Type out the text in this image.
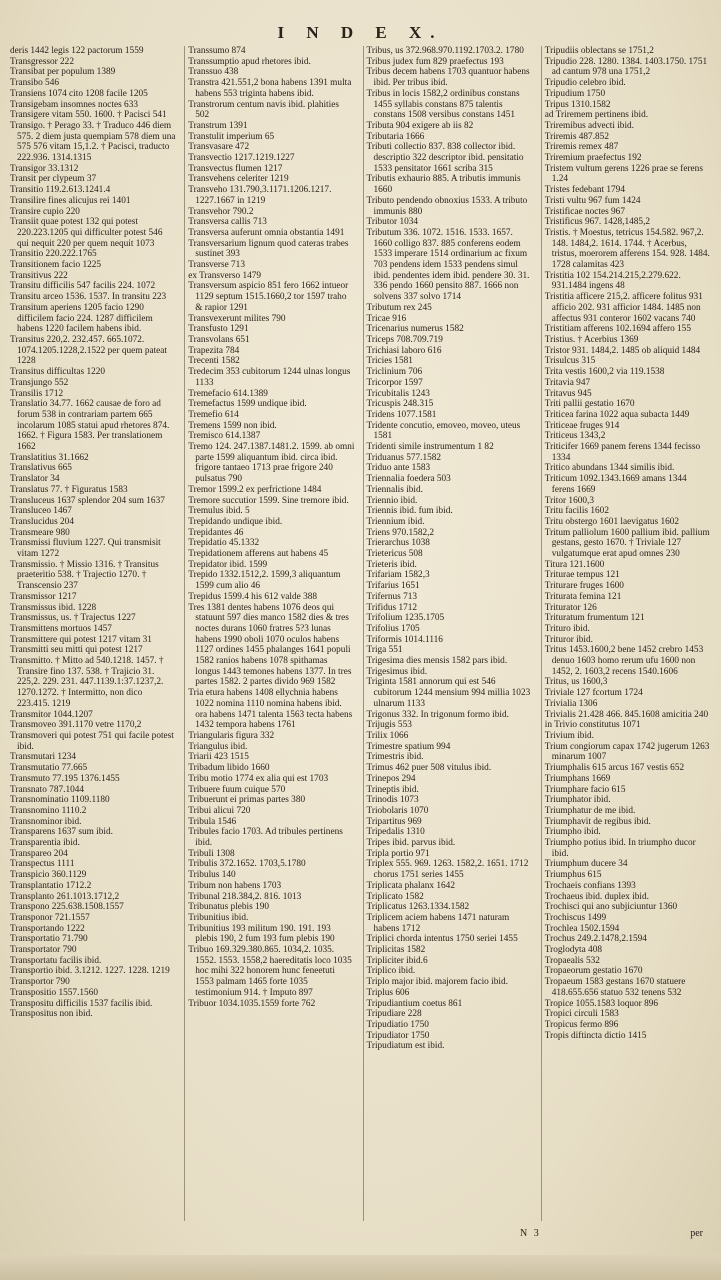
I N D E X.

deris 1442 legis 122 pactorum 1559

Transgressor 222

Transibat per populum 1389

Transibo 546

Transiens 1074 cito 1208 facile 1205

Transigebam insomnes noctes 633

Transigere vitam 550. 1600. † Pacisci 541

Transigo. † Perago 33. † Traduco 446 diem 575. 2 diem justa quempiam 578 diem una 575 576 vitam 15,1.2. † Pacisci, traducto 222.936. 1314.1315

Transigor 33.1312

Transit per clypeum 37

Transitio 119.2.613.1241.4

Transilire fines alicujus rei 1401

Transire cupio 220

Transiit quae potest 132 qui potest 220.223.1205 qui difficulter potest 546 qui nequit 220 per quem nequit 1073

Transitio 220.222.1765

Transitionem facio 1225

Transitivus 222

Transitu difficilis 547 facilis 224. 1072

Transitu arceo 1536. 1537. In transitu 223

Transitum aperiens 1205 facio 1290 difficilem facio 224. 1287 difficilem habens 1220 facilem habens ibid.

Transitus 220,2. 232.457. 665.1072. 1074.1205.1228,2.1522 per quem pateat 1228

Transitus difficultas 1220

Transjungo 552

Transilis 1712

Translatio 34.77. 1662 causae de foro ad forum 538 in contrariam partem 665 incolarum 1085 statui apud rhetores 874. 1662. † Figura 1583. Per translationem 1662

Translatitius 31.1662

Translativus 665

Translator 34

Translatus 77. † Figuratus 1583

Transluceus 1637 splendor 204 sum 1637

Transluceo 1467

Translucidus 204

Transmeare 980

Transmissi fluvium 1227. Qui transmisit vitam 1272

Transmissio. † Missio 1316. † Transitus praeteritio 538. † Trajectio 1270. † Transcensio 237

Transmissor 1217

Transmissus ibid. 1228

Transmissus, us. † Trajectus 1227

Transmittens mortuos 1457

Transmittere qui potest 1217 vitam 31

Transmitti seu mitti qui potest 1217

Transmitto. † Mitto ad 540.1218. 1457. † Transire fino 137. 538. † Trajicio 31. 225,2. 229. 231. 447.1139.1:37.1237,2. 1270.1272. † Intermitto, non dico 223.415. 1219

Transmitor 1044.1207

Transmoveo 391.1170 vetre 1170,2

Transmoveri qui potest 751 qui facile potest ibid.

Transmutari 1234

Transmutatio 77.665

Transmuto 77.195 1376.1455

Transnato 787.1044

Transnominatio 1109.1180

Transnomino 1110.2

Transnominor ibid.

Transparens 1637 sum ibid.

Transparentia ibid.

Transpareo 204

Transpectus 1111

Transpicio 360.1129

Transplantatio 1712.2

Transplanto 261.1013.1712,2

Transpono 225.638.1508.1557

Transponor 721.1557

Transportando 1222

Transportatio 71.790

Transportator 790

Transportatu facilis ibid.

Transportio ibid. 3.1212. 1227. 1228. 1219

Transportor 790

Transpositio 1557.1560

Transpositu difficilis 1537 facilis ibid.

Transpositus non ibid.

Transsumo 874

Transsumptio apud rhetores ibid.

Transsuo 438

Transtra 421.551,2 bona habens 1391 multa habens 553 triginta habens ibid.

Transtrorum centum navis ibid. plahities 502

Transtrum 1391

Transtulit imperium 65

Transvasare 472

Transvectio 1217.1219.1227

Transvectus flumen 1217

Transvehens celeriter 1219

Transveho 131.790,3.1171.1206.1217. 1227.1667 in 1219

Transvehor 790.2

Transversa callis 713

Transversa auferunt omnia obstantia 1491

Transversarium lignum quod cateras trabes sustinet 393

Transverse 713

ex Transverso 1479

Transversum aspicio 851 fero 1662 intueor 1129 septum 1515.1660,2 tor 1597 traho & rapior 1291

Transvexerunt milites 790

Transfusto 1291

Transvolans 651

Trapezita 784

Trecenti 1582

Tredecim 353 cubitorum 1244 ulnas longus 1133

Tremefacio 614.1389

Tremefactus 1599 undique ibid.

Tremefio 614

Tremens 1599 non ibid.

Tremisco 614.1387

Tremo 124. 247.1387.1481.2. 1599. ab omni parte 1599 aliquantum ibid. circa ibid. frigore tantaeo 1713 prae frigore 240 pulsatus 790

Tremor 1599.2 ex perfrictione 1484

Tremore succutior 1599. Sine tremore ibid.

Tremulus ibid. 5

Trepidando undique ibid.

Trepidantes 46

Trepidatio 45.1332

Trepidationem afferens aut habens 45

Trepidator ibid. 1599

Trepido 1332.1512,2. 1599,3 aliquantum 1599 cum alio 46

Trepidus 1599.4 his 612 valde 388

Tres 1381 dentes habens 1076 deos qui statuunt 597 dies manco 1582 dies & tres noctes durans 1060 fratres 5?3 lunas habens 1990 oboli 1070 oculos habens 1127 ordines 1455 phalanges 1641 populi 1582 ranios habens 1078 spithamas longus 1443 temones habens 1377. In tres partes 1582. 2 partes divido 969 1582

Tria etura habens 1408 ellychnia habens 1022 nomina 1110 nomina habens ibid. ora habens 1471 talenta 1563 tecta habens 1432 tempora habens 1761

Triangularis figura 332

Triangulus ibid.

Triarii 423 1515

Tribadum libido 1660

Tribu motio 1774 ex alia qui est 1703

Tribuere fuum cuique 570

Tribuerunt ei primas partes 380

Tribui alicui 720

Tribula 1546

Tribules facio 1703. Ad tribules pertinens ibid.

Tribuli 1308

Tribulis 372.1652. 1703,5.1780

Tribulus 140

Tribum non habens 1703

Tribunal 218.384,2. 816. 1013

Tribunatus plebis 190

Tribunitius ibid.

Tribunitius 193 militum 190. 191. 193 plebis 190, 2 fum 193 fum plebis 190

Tribuo 169.329.380.865. 1034,2. 1035. 1552. 1553. 1558,2 haereditatis loco 1035 hoc mihi 322 honorem hunc feneetuti 1553 palmam 1465 forte 1035 testimonium 914. † Imputo 897

Tribuor 1034.1035.1559 forte 762

Tribus, us 372.968.970.1192.1703.2. 1780

Tribus judex fum 829 praefectus 193

Tribus decem habens 1703 quantuor habens ibid. Per tribus ibid.

Tribus in locis 1582,2 ordinibus constans 1455 syllabis constans 875 talentis constans 1508 versibus constans 1451

Tributa 904 exigere ab iis 82

Tributaria 1666

Tributi collectio 837. 838 collector ibid. descriptio 322 descriptor ibid. pensitatio 1533 pensitator 1661 scriba 315

Tributis exhaurio 885. A tributis immunis 1660

Tributo pendendo obnoxius 1533. A tributo immunis 880

Tributor 1034

Tributum 336. 1072. 1516. 1533. 1657. 1660 colligo 837. 885 conferens eodem 1533 imperare 1514 ordinarium ac fixum 703 pendens idem 1533 pendens simul ibid. pendentes idem ibid. pendere 30. 31. 336 pendo 1660 pensito 887. 1666 non solvens 337 solvo 1714

Tributum rex 245

Tricae 916

Tricenarius numerus 1582

Triceps 708.709.719

Trichiasi laboro 616

Tricies 1581

Triclinium 706

Tricorpor 1597

Tricubitalis 1243

Tricuspis 248.315

Tridens 1077.1581

Tridente concutio, emoveo, moveo, uteus 1581

Tridenti simile instrumentum 1 82

Triduanus 577.1582

Triduo ante 1583

Triennalia foedera 503

Triennalis ibid.

Triennio ibid.

Triennis ibid. fum ibid.

Triennium ibid.

Triens 970.1582,2

Trierarchus 1038

Trietericus 508

Trieteris ibid.

Trifariam 1582,3

Trifarius 1651

Trifernus 713

Trifidus 1712

Trifolium 1235.1705

Trifolius 1705

Triformis 1014.1116

Triga 551

Trigesima dies mensis 1582 pars ibid.

Trigesimus ibid.

Triginta 1581 annorum qui est 546 cubitorum 1244 mensium 994 millia 1023 ulnarum 1133

Trigonus 332. In trigonum formo ibid.

Trijugis 553

Trilix 1066

Trimestre spatium 994

Trimestris ibid.

Trimus 462 puer 508 vitulus ibid.

Trinepos 294

Trineptis ibid.

Trinodis 1073

Triobolaris 1070

Tripartitus 969

Tripedalis 1310

Tripes ibid. parvus ibid.

Tripla portio 971

Triplex 555. 969. 1263. 1582,2. 1651. 1712 chorus 1751 series 1455

Triplicata phalanx 1642

Triplicato 1582

Triplicatus 1263.1334.1582

Triplicem aciem habens 1471 naturam habens 1712

Triplici chorda intentus 1750 seriei 1455

Triplicitas 1582

Tripliciter ibid.6

Triplico ibid.

Triplo major ibid. majorem facio ibid.

Triplus 606

Tripudiantium coetus 861

Tripudiare 228

Tripudiatio 1750

Tripudiator 1750

Tripudiatum est ibid.

Tripudiis oblectans se 1751,2

Tripudio 228. 1280. 1384. 1403.1750. 1751 ad cantum 978 una 1751,2

Tripudio celebro ibid.

Tripudium 1750

Tripus 1310.1582

ad Triremem pertinens ibid.

Triremibus advecti ibid.

Triremis 487.852

Triremis remex 487

Triremium praefectus 192

Tristem vultum gerens 1226 prae se ferens 1.24

Tristes fedebant 1794

Tristi vultu 967 fum 1424

Tristificae noctes 967

Tristificus 967. 1428,1485,2

Tristis. † Moestus, tetricus 154.582. 967,2. 148. 1484,2. 1614. 1744. † Acerbus, tristus, moerorem afferens 154. 928. 1484. 1728 calamitas 423

Tristitia 102 154.214.215,2.279.622. 931.1484 ingens 48

Tristitia afficere 215,2. afficere folitus 931 afficio 202. 931 afficior 1484. 1485 non affectus 931 conteror 1602 vacans 740

Tristitiam afferens 102.1694 affero 155

Tristius. † Acerbius 1369

Tristor 931. 1484,2. 1485 ob aliquid 1484

Trisulcus 315

Trita vestis 1600,2 via 119.1538

Tritavia 947

Tritavus 945

Triti pallii gestatio 1670

Triticea farina 1022 aqua subacta 1449

Triticeae fruges 914

Triticeus 1343,2

Triticifer 1669 panem ferens 1344 fecisso 1334

Tritico abundans 1344 similis ibid.

Triticum 1092.1343.1669 amans 1344 ferens 1669

Tritor 1600,3

Tritu facilis 1602

Tritu obstergo 1601 laevigatus 1602

Tritum palliolum 1600 pallium ibid. pallium gestans, gesto 1670. † Triviale 127 vulgatumque erat apud omnes 230

Titura 121.1600

Triturae tempus 121

Triturare fruges 1600

Triturata femina 121

Triturator 126

Trituratum frumentum 121

Trituro ibid.

Trituror ibid.

Tritus 1453.1600,2 bene 1452 crebro 1453 denuo 1603 homo rerum ufu 1600 non 1452, 2. 1603,2 recens 1540.1606

Tritus, us 1600,3

Triviale 127 fcortum 1724

Trivialia 1306

Trivialis 21.428 466. 845.1608 amicitia 240

in Trivio constitutus 1071

Trivium ibid.

Trium congiorum capax 1742 jugerum 1263 minarum 1007

Triumphalis 615 arcus 167 vestis 652

Triumphans 1669

Triumphare facio 615

Triumphator ibid.

Triumphatur de me ibid.

Triumphavit de regibus ibid.

Triumpho ibid.

Triumpho potius ibid. In triumpho ducor ibid.

Triumphum ducere 34

Triumphus 615

Trochaeis confians 1393

Trochaeus ibid. duplex ibid.

Trochisci qui ano subjiciuntur 1360

Trochiscus 1499

Trochlea 1502.1594

Trochus 249.2.1478,2.1594

Troglodyta 408

Tropaealis 532

Tropaeorum gestatio 1670

Tropaeum 1583 gestans 1670 statuere 418.655.656 statuo 532 tenens 532

Tropice 1055.1583 loquor 896

Tropici circuli 1583

Tropicus fermo 896

Tropis diftincta dictio 1415

N 3	per
